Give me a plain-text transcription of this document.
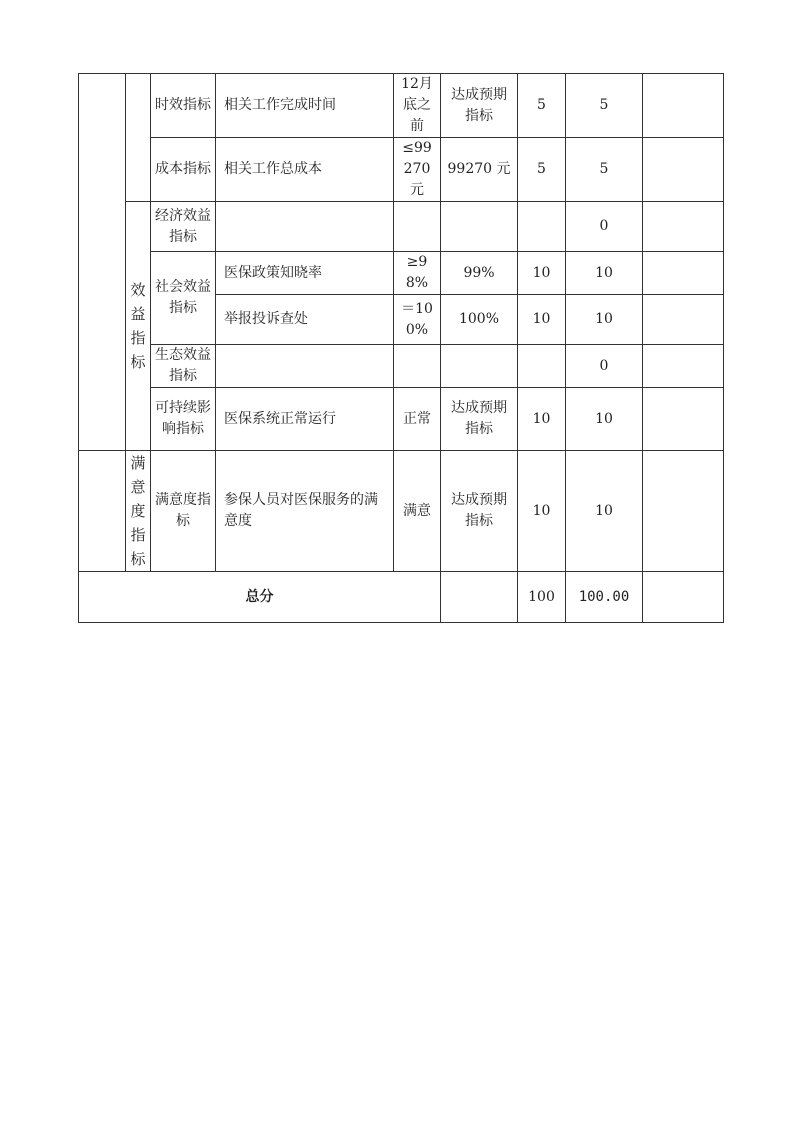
		时效指标	相关工作完成时间	12月底之前	达成预期指标	5	5	
		成本指标	相关工作总成本	≤99270元	99270 元	5	5	
	效益指标	经济效益指标					0	
		社会效益指标	医保政策知晓率	≥98%	99%	10	10	
			举报投诉查处	＝100%	100%	10	10	
		生态效益指标					0	
		可持续影响指标	医保系统正常运行	正常	达成预期指标	10	10	
	满意度指标	满意度指标	参保人员对医保服务的满意度	满意	达成预期指标	10	10	
总分						100	100.00	
